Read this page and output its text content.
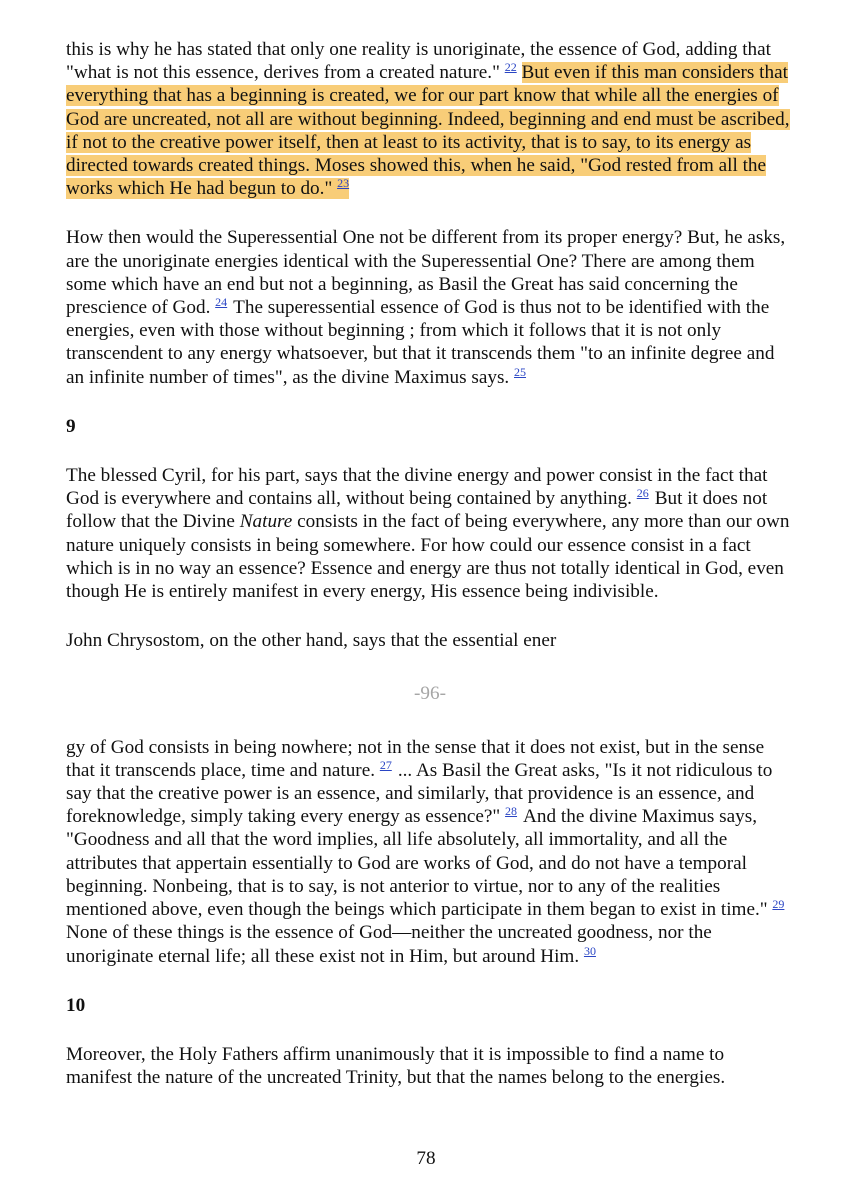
this is why he has stated that only one reality is unoriginate, the essence of God, adding that "what is not this essence, derives from a created nature." $^{22}$ But even if this man considers that everything that has a beginning is created, we for our part know that while all the energies of God are uncreated, not all are without beginning. Indeed, beginning and end must be ascribed, if not to the creative power itself, then at least to its activity, that is to say, to its energy as directed towards created things. Moses showed this, when he said, "God rested from all the works which He had begun to do." $^{23}$

How then would the Superessential One not be different from its proper energy? But, he asks, are the unoriginate energies identical with the Superessential One? There are among them some which have an end but not a beginning, as Basil the Great has said concerning the prescience of God. 24 The superessential essence of God is thus not to be identified with the energies, even with those without beginning ; from which it follows that it is not only transcendent to any energy whatsoever, but that it transcends them "to an infinite degree and an infinite number of times", as the divine Maximus says. $^{25}$

9

The blessed Cyril, for his part, says that the divine energy and power consist in the fact that God is everywhere and contains all, without being contained by anything. 26 But it does not follow that the Divine Nature consists in the fact of being everywhere, any more than our own nature uniquely consists in being somewhere. For how could our essence consist in a fact which is in no way an essence? Essence and energy are thus not totally identical in God, even though He is entirely manifest in every energy, His essence being indivisible.

John Chrysostom, on the other hand, says that the essential ener

-96-

gy of God consists in being nowhere; not in the sense that it does not exist, but in the sense that it transcends place, time and nature. 27 ... As Basil the Great asks, "Is it not ridiculous to say that the creative power is an essence, and similarly, that providence is an essence, and foreknowledge, simply taking every energy as essence?" 28 And the divine Maximus says, "Goodness and all that the word implies, all life absolutely, all immortality, and all the attributes that appertain essentially to God are works of God, and do not have a temporal beginning. Nonbeing, that is to say, is not anterior to virtue, nor to any of the realities mentioned above, even though the beings which participate in them began to exist in time." 29None of these things is the essence of God—neither the uncreated goodness, nor the unoriginate eternal life; all these exist not in Him, but around Him. $^{30}$

10

Moreover, the Holy Fathers affirm unanimously that it is impossible to find a name to manifest the nature of the uncreated Trinity, but that the names belong to the energies.

78
